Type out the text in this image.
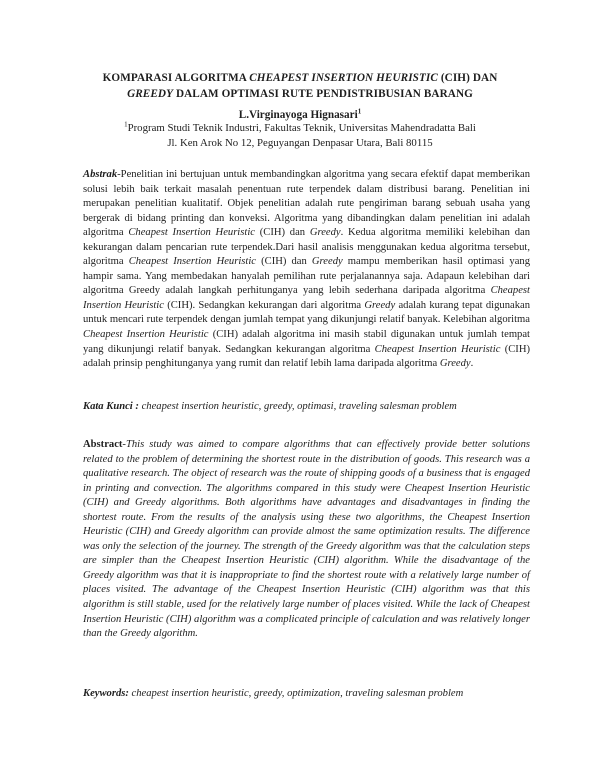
KOMPARASI ALGORITMA CHEAPEST INSERTION HEURISTIC (CIH) DAN
GREEDY DALAM OPTIMASI RUTE PENDISTRIBUSIAN BARANG
L.Virginayoga Hignasari$^1$
$^1$Program Studi Teknik Industri, Fakultas Teknik, Universitas Mahendradatta Bali
Jl. Ken Arok No 12, Peguyangan Denpasar Utara, Bali 80115
Abstrak-Penelitian ini bertujuan untuk membandingkan algoritma yang secara efektif dapat memberikan solusi lebih baik terkait masalah penentuan rute terpendek dalam distribusi barang. Penelitian ini merupakan penelitian kualitatif. Objek penelitian adalah rute pengiriman barang sebuah usaha yang bergerak di bidang printing dan konveksi. Algoritma yang dibandingkan dalam penelitian ini adalah algoritma Cheapest Insertion Heuristic (CIH) dan Greedy. Kedua algoritma memiliki kelebihan dan kekurangan dalam pencarian rute terpendek.Dari hasil analisis menggunakan kedua algoritma tersebut, algoritma Cheapest Insertion Heuristic (CIH) dan Greedy mampu memberikan hasil optimasi yang hampir sama. Yang membedakan hanyalah pemilihan rute perjalanannya saja. Adapaun kelebihan dari algoritma Greedy adalah langkah perhitunganya yang lebih sederhana daripada algoritma Cheapest Insertion Heuristic (CIH). Sedangkan kekurangan dari algoritma Greedy adalah kurang tepat digunakan untuk mencari rute terpendek dengan jumlah tempat yang dikunjungi relatif banyak. Kelebihan algoritma Cheapest Insertion Heuristic (CIH) adalah algoritma ini masih stabil digunakan untuk jumlah tempat yang dikunjungi relatif banyak. Sedangkan kekurangan algoritma Cheapest Insertion Heuristic (CIH) adalah prinsip penghitunganya yang rumit dan relatif lebih lama daripada algoritma Greedy.
Kata Kunci : cheapest insertion heuristic, greedy, optimasi, traveling salesman problem
Abstract-This study was aimed to compare algorithms that can effectively provide better solutions related to the problem of determining the shortest route in the distribution of goods. This research was a qualitative research. The object of research was the route of shipping goods of a business that is engaged in printing and convection. The algorithms compared in this study were Cheapest Insertion Heuristic (CIH) and Greedy algorithms. Both algorithms have advantages and disadvantages in finding the shortest route. From the results of the analysis using these two algorithms, the Cheapest Insertion Heuristic (CIH) and Greedy algorithm can provide almost the same optimization results. The difference was only the selection of the journey. The strength of the Greedy algorithm was that the calculation steps are simpler than the Cheapest Insertion Heuristic (CIH) algorithm. While the disadvantage of the Greedy algorithm was that it is inappropriate to find the shortest route with a relatively large number of places visited. The advantage of the Cheapest Insertion Heuristic (CIH) algorithm was that this algorithm is still stable, used for the relatively large number of places visited. While the lack of Cheapest Insertion Heuristic (CIH) algorithm was a complicated principle of calculation and was relatively longer than the Greedy algorithm.
Keywords: cheapest insertion heuristic, greedy, optimization, traveling salesman problem
